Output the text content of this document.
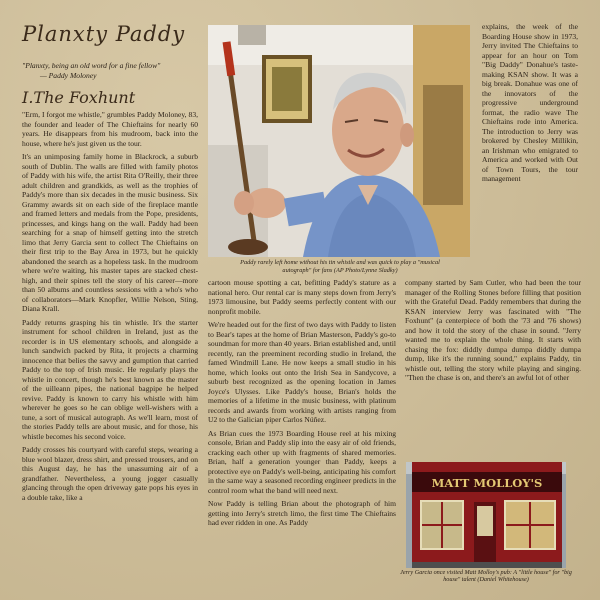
Planxty Paddy
"Planxty, being an old word for a fine fellow"
— Paddy Moloney
I.The Foxhunt

"Erm, I forgot me whistle," grumbles Paddy Moloney, 83, the founder and leader of The Chieftains for nearly 60 years. He disappears from his mudroom, back into the house, where he's just given us the tour.

It's an unimposing family home in Blackrock, a suburb south of Dublin. The walls are filled with family photos of Paddy with his wife, the artist Rita O'Reilly, their three adult children and grandkids, as well as the trophies of Paddy's more than six decades in the music business. Six Grammy awards sit on each side of the fireplace mantle and framed letters and medals from the Pope, presidents, princesses, and kings hang on the wall. Paddy had been searching for a snap of himself getting into the stretch limo that Jerry Garcia sent to collect The Chieftains on their first trip to the Bay Area in 1973, but he quickly abandoned the search as a hopeless task. In the mudroom where we're waiting, his master tapes are stacked chest-high, and their spines tell the story of his career—more than 50 albums and countless sessions with a who's who of collaborators—Mark Knopfler, Willie Nelson, Sting, Diana Krall.

Paddy returns grasping his tin whistle. It's the starter instrument for school children in Ireland, just as the recorder is in US elementary schools, and alongside a lunch sandwich packed by Rita, it projects a charming innocence that belies the savvy and gumption that carried Paddy to the top of Irish music. He regularly plays the whistle in concert, though he's best known as the master of the uilleann pipes, the national bagpipe he helped revive. Paddy is known to carry his whistle with him wherever he goes so he can oblige well-wishers with a tune, a sort of musical autograph. As we'll learn, most of the stories Paddy tells are about music, and for those, his whistle becomes his second voice.

Paddy crosses his courtyard with careful steps, wearing a blue wool blazer, dress shirt, and pressed trousers, and on this August day, he has the unassuming air of a grandfather. Nevertheless, a young jogger casually glancing through the open driveway gate pops his eyes in a double take, like a

Paddy rarely left home without his tin whistle and was quick to play a "musical autograph" for fans (AP Photo/Lynne Sladky)

explains, the week of the Boarding House show in 1973, Jerry invited The Chieftains to appear for an hour on Tom "Big Daddy" Donahue's taste-making KSAN show. It was a big break. Donahue was one of the innovators of the progressive underground format, the radio wave The Chieftains rode into America. The introduction to Jerry was brokered by Chesley Millikin, an Irishman who emigrated to America and worked with Out of Town Tours, the tour management

cartoon mouse spotting a cat, befitting Paddy's stature as a national hero. Our rental car is many steps down from Jerry's 1973 limousine, but Paddy seems perfectly content with our nonprofit mobile.

We're headed out for the first of two days with Paddy to listen to Bear's tapes at the home of Brian Masterson, Paddy's go-to soundman for more than 40 years. Brian established and, until recently, ran the preeminent recording studio in Ireland, the famed Windmill Lane. He now keeps a small studio in his home, which looks out onto the Irish Sea in Sandycove, a suburb best recognized as the opening location in James Joyce's Ulysses. Like Paddy's house, Brian's holds the memories of a lifetime in the music business, with platinum records and awards from working with artists ranging from U2 to the Galician piper Carlos Núñez.

As Brian cues the 1973 Boarding House reel at his mixing console, Brian and Paddy slip into the easy air of old friends, cracking each other up with fragments of shared memories. Brian, half a generation younger than Paddy, keeps a protective eye on Paddy's well-being, anticipating his comfort in the same way a seasoned recording engineer predicts in the control room what the band will need next.

Now Paddy is telling Brian about the photograph of him getting into Jerry's stretch limo, the first time The Chieftains had ever ridden in one. As Paddy

company started by Sam Cutler, who had been the tour manager of the Rolling Stones before filling that position with the Grateful Dead. Paddy remembers that during the KSAN interview Jerry was fascinated with "The Foxhunt" (a centerpiece of both the '73 and '76 shows) and how it told the story of the chase in sound. "Jerry wanted me to explain the whole thing. It starts with chasing the fox: diddly dumpa dumpa diddly dumpa dump, like it's the running sound," explains Paddy, tin whistle out, telling the story while playing and singing. "Then the chase is on, and there's an awful lot of other

MATT MOLLOY'S
Jerry Garcia once visited Matt Molloy's pub: A "little house" for "big house" talent (Daniel Whitehouse)
